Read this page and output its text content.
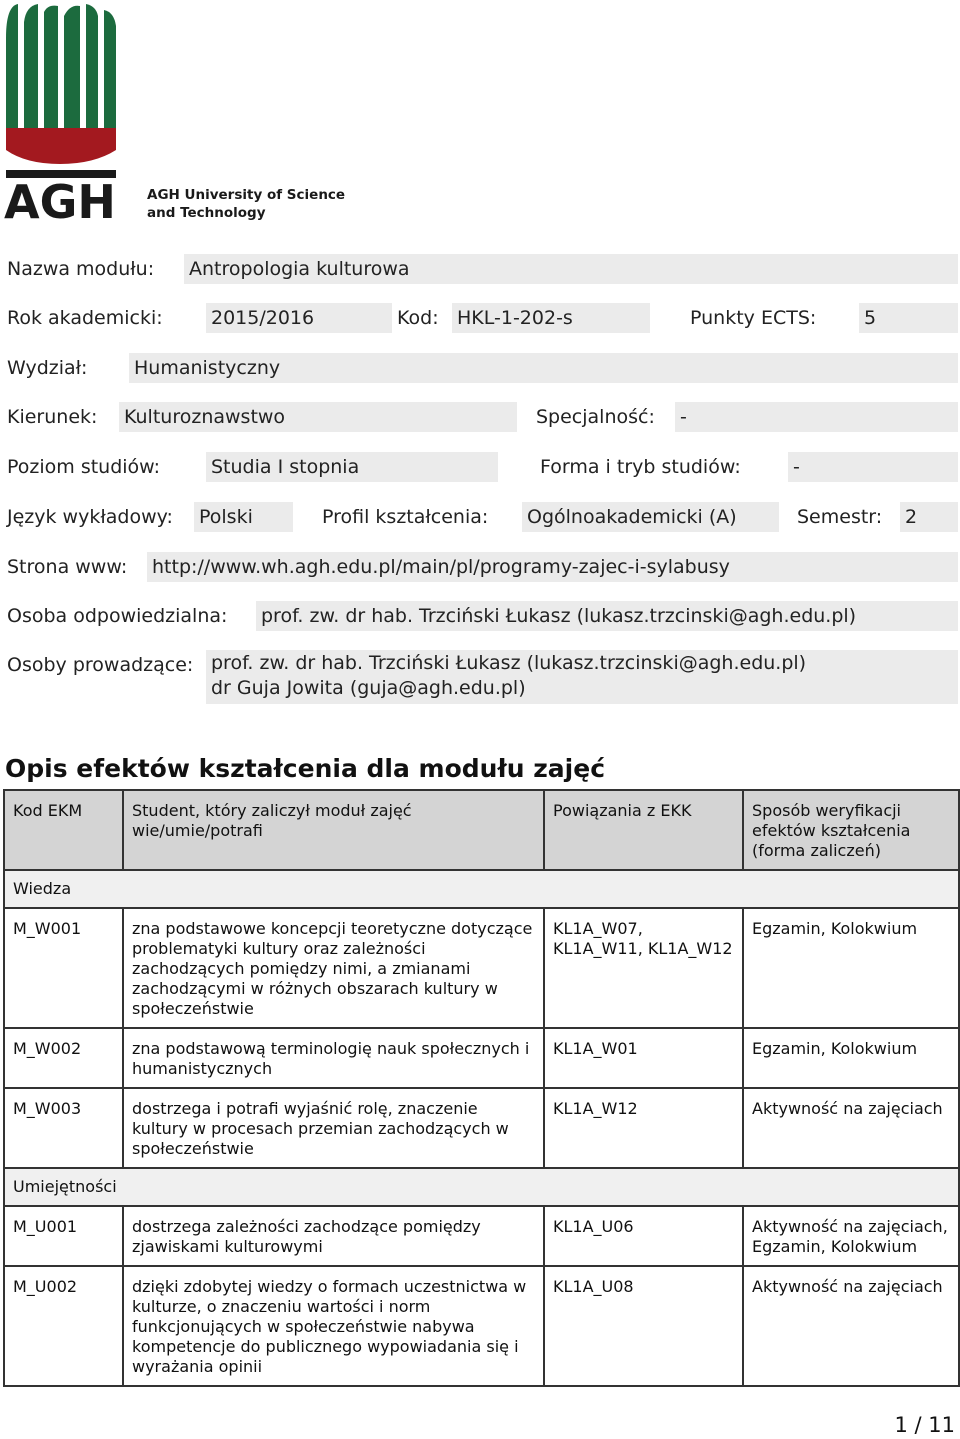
AGH AGH University of Science
and Technology
Nazwa modułu: Antropologia kulturowa
Rok akademicki:	2015/2016	Kod: HKL-1-202-s	Punkty ECTS:	5
Wydział: Humanistyczny
Kierunek: Kulturoznawstwo	Specjalność: -
Poziom studiów:	Studia I stopnia	Forma i tryb studiów:	-
Język wykładowy: Polski	Profil kształcenia: Ogólnoakademicki (A)	Semestr: 2
Strona www: http://www.wh.agh.edu.pl/main/pl/programy-zajec-i-sylabusy
Osoba odpowiedzialna: prof. zw. dr hab. Trzciński Łukasz (lukasz.trzcinski@agh.edu.pl)
Osoby prowadzące: prof. zw. dr hab. Trzciński Łukasz (lukasz.trzcinski@agh.edu.pl)
dr Guja Jowita (guja@agh.edu.pl)
Opis efektów kształcenia dla modułu zajęć
Kod EKM	Student, który zaliczył moduł zajęć wie/umie/potrafi	Powiązania z EKK	Sposób weryfikacji efektów kształcenia (forma zaliczeń)
Wiedza			
M_W001	zna podstawowe koncepcji teoretyczne dotyczące problematyki kultury oraz zależności zachodzących pomiędzy nimi, a zmianami zachodzącymi w różnych obszarach kultury w społeczeństwie	KL1A_W07, KL1A_W11, KL1A_W12	Egzamin, Kolokwium
M_W002	zna podstawową terminologię nauk społecznych i humanistycznych	KL1A_W01	Egzamin, Kolokwium
M_W003	dostrzega i potrafi wyjaśnić rolę, znaczenie kultury w procesach przemian zachodzących w społeczeństwie	KL1A_W12	Aktywność na zajęciach
Umiejętności			
M_U001	dostrzega zależności zachodzące pomiędzy zjawiskami kulturowymi	KL1A_U06	Aktywność na zajęciach, Egzamin, Kolokwium
M_U002	dzięki zdobytej wiedzy o formach uczestnictwa w kulturze, o znaczeniu wartości i norm funkcjonujących w społeczeństwie nabywa kompetencje do publicznego wypowiadania się i wyrażania opinii	KL1A_U08	Aktywność na zajęciach
1 / 11
